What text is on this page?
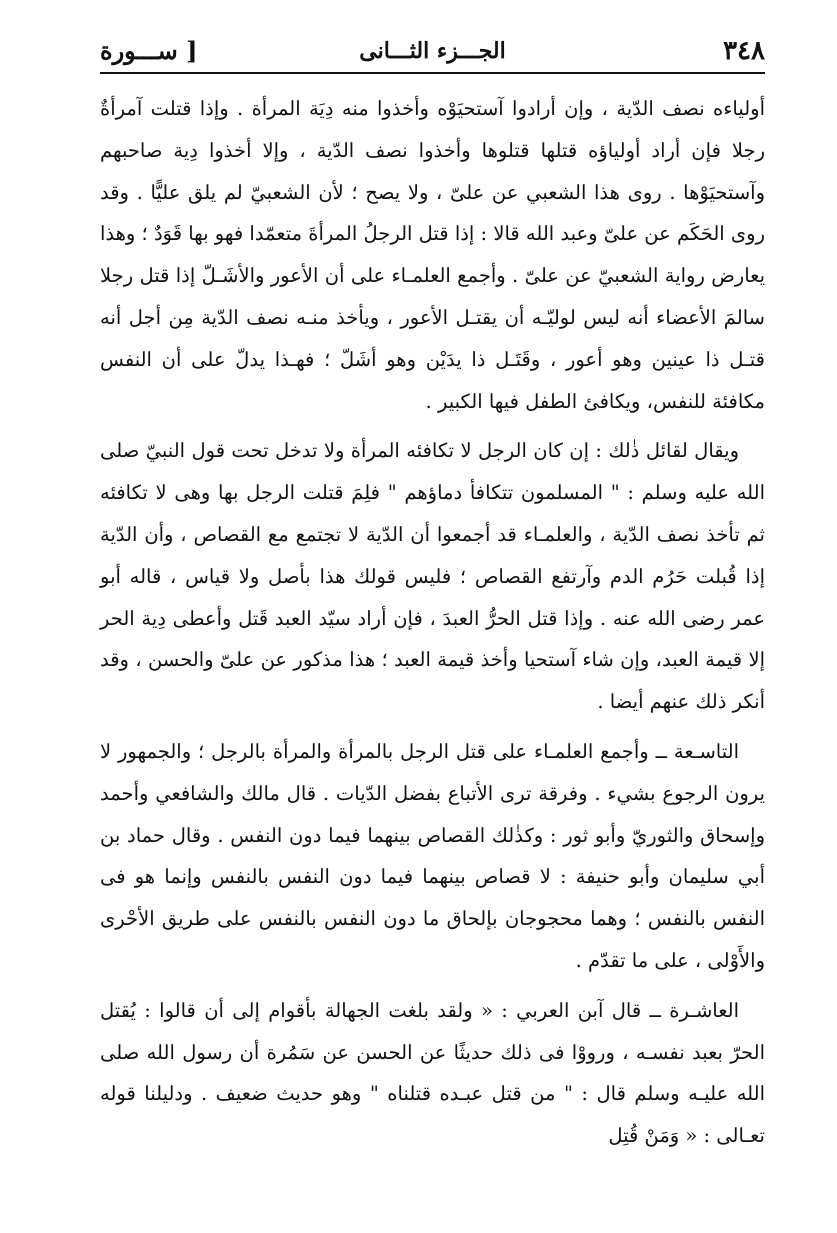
٣٤٨
الجـــزء الثـــانى
[ ســـورة

أولياءه نصف الدّية ، وإن أرادوا آستحيَوْه وأخذوا منه دِيَة المرأة . وإذا قتلت آمرأةٌ رجلا فإن أراد أولياؤه قتلها قتلوها وأخذوا نصف الدّية ، وإلا أخذوا دِية صاحبهم وآستحيَوْها . روى هذا الشعبي عن علىّ ، ولا يصح ؛ لأن الشعبيّ لم يلق عليًّا . وقد روى الحَكَم عن علىّ وعبد الله قالا : إذا قتل الرجلُ المرأةَ متعمّدا فهو بها قَوَدٌ ؛ وهذا يعارض رواية الشعبيّ عن علىّ . وأجمع العلمـاء على أن الأعور والأشَـلّ إذا قتل رجلا سالمَ الأعضاء أنه ليس لوليّـه أن يقتـل الأعور ، ويأخذ منـه نصف الدّية مِن أجل أنه قتـل ذا عينين وهو أعور ، وقَتَـل ذا يدَيْن وهو أشَلّ ؛ فهـذا يدلّ على أن النفس مكافئة للنفس، ويكافئ الطفل فيها الكبير .

ويقال لقائل ذٰلك : إن كان الرجل لا تكافئه المرأة ولا تدخل تحت قول النبيّ صلى الله عليه وسلم : " المسلمون تتكافأ دماؤهم " فلِمَ قتلت الرجل بها وهى لا تكافئه ثم تأخذ نصف الدّية ، والعلمـاء قد أجمعوا أن الدّية لا تجتمع مع القصاص ، وأن الدّية إذا قُبلت حَرُم الدم وآرتفع القصاص ؛ فليس قولك هذا بأصل ولا قياس ، قاله أبو عمر رضى الله عنه . وإذا قتل الحرُّ العبدَ ، فإن أراد سيّد العبد قَتل وأعطى دِية الحر إلا قيمة العبد، وإن شاء آستحيا وأخذ قيمة العبد ؛ هذا مذكور عن علىّ والحسن ، وقد أنكر ذلك عنهم أيضا .

التاسـعة ــ وأجمع العلمـاء على قتل الرجل بالمرأة والمرأة بالرجل ؛ والجمهور لا يرون الرجوع بشيء . وفرقة ترى الأتباع بفضل الدّيات . قال مالك والشافعي وأحمد وإسحاق والثوريّ وأبو ثور : وكذٰلك القصاص بينهما فيما دون النفس . وقال حماد بن أبي سليمان وأبو حنيفة : لا قصاص بينهما فيما دون النفس بالنفس وإنما هو فى النفس بالنفس ؛ وهما محجوجان بإلحاق ما دون النفس بالنفس على طريق الأحْرى والأَوْلى ، على ما تقدّم .

العاشـرة ــ قال آبن العربي : « ولقد بلغت الجهالة بأقوام إلى أن قالوا : يُقتل الحرّ بعبد نفسـه ، ورووْا فى ذلك حديثًا عن الحسن عن سَمُرة أن رسول الله صلى الله عليـه وسلم قال : " من قتل عبـده قتلناه " وهو حديث ضعيف . ودليلنا قوله تعـالى : « وَمَنْ قُتِل
